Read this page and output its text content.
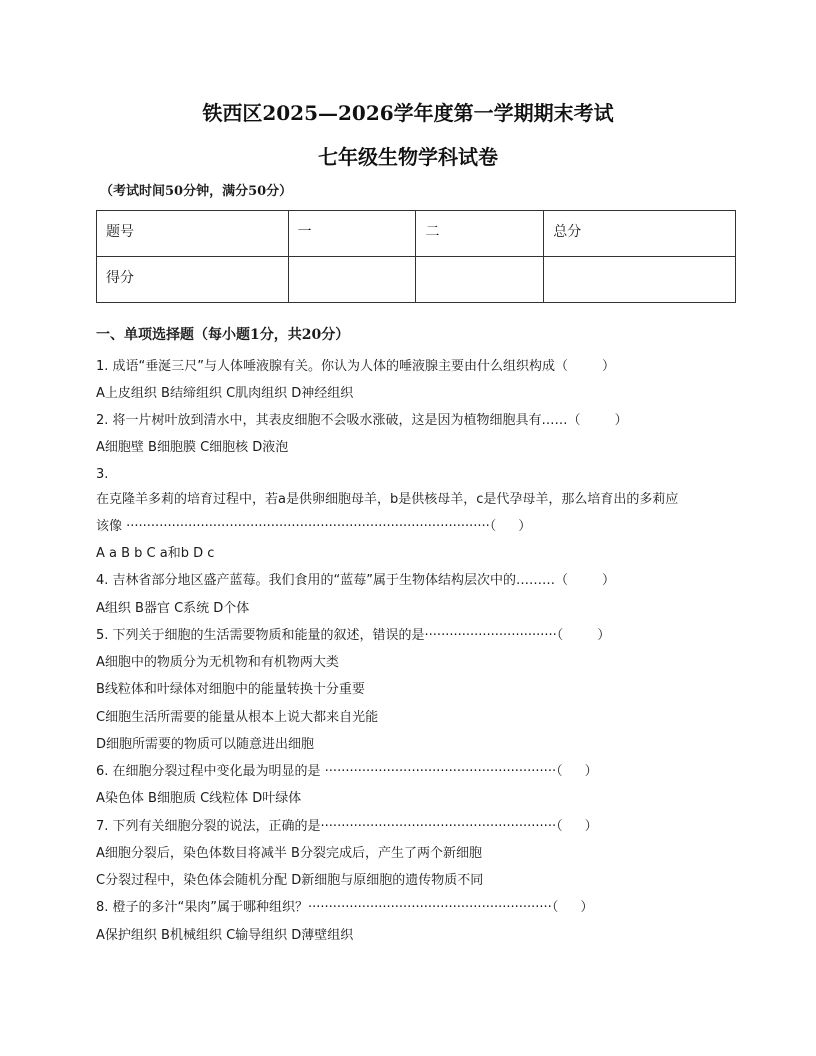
铁西区2025—2026学年度第一学期期末考试
七年级生物学科试卷
（考试时间50分钟，满分50分）
题号	一	二	总分
得分			
一、单项选择题（每小题1分，共20分）
1. 成语“垂涎三尺”与人体唾液腺有关。你认为人体的唾液腺主要由什么组织构成（	）
A上皮组织 B结缔组织 C肌肉组织 D神经组织
2. 将一片树叶放到清水中，其表皮细胞不会吸水涨破，这是因为植物细胞具有……（	）
A细胞壁 B细胞膜 C细胞核 D液泡
3.
在克隆羊多莉的培育过程中，若a是供卵细胞母羊，b是供核母羊，c是代孕母羊，那么培育出的多莉应
该像 ························································································（ ）
A a B b C a和b D c
4. 吉林省部分地区盛产蓝莓。我们食用的“蓝莓”属于生物体结构层次中的………（	）
A组织 B器官 C系统 D个体
5. 下列关于细胞的生活需要物质和能量的叙述，错误的是································（	）
A细胞中的物质分为无机物和有机物两大类
B线粒体和叶绿体对细胞中的能量转换十分重要
C细胞生活所需要的能量从根本上说大都来自光能
D细胞所需要的物质可以随意进出细胞
6. 在细胞分裂过程中变化最为明显的是 ························································（ ）
A染色体 B细胞质 C线粒体 D叶绿体
7. 下列有关细胞分裂的说法，正确的是·························································（ ）
A细胞分裂后，染色体数目将减半 B分裂完成后，产生了两个新细胞
C分裂过程中，染色体会随机分配 D新细胞与原细胞的遗传物质不同
8. 橙子的多汁“果肉”属于哪种组织？···························································（ ）
A保护组织 B机械组织 C输导组织 D薄壁组织
